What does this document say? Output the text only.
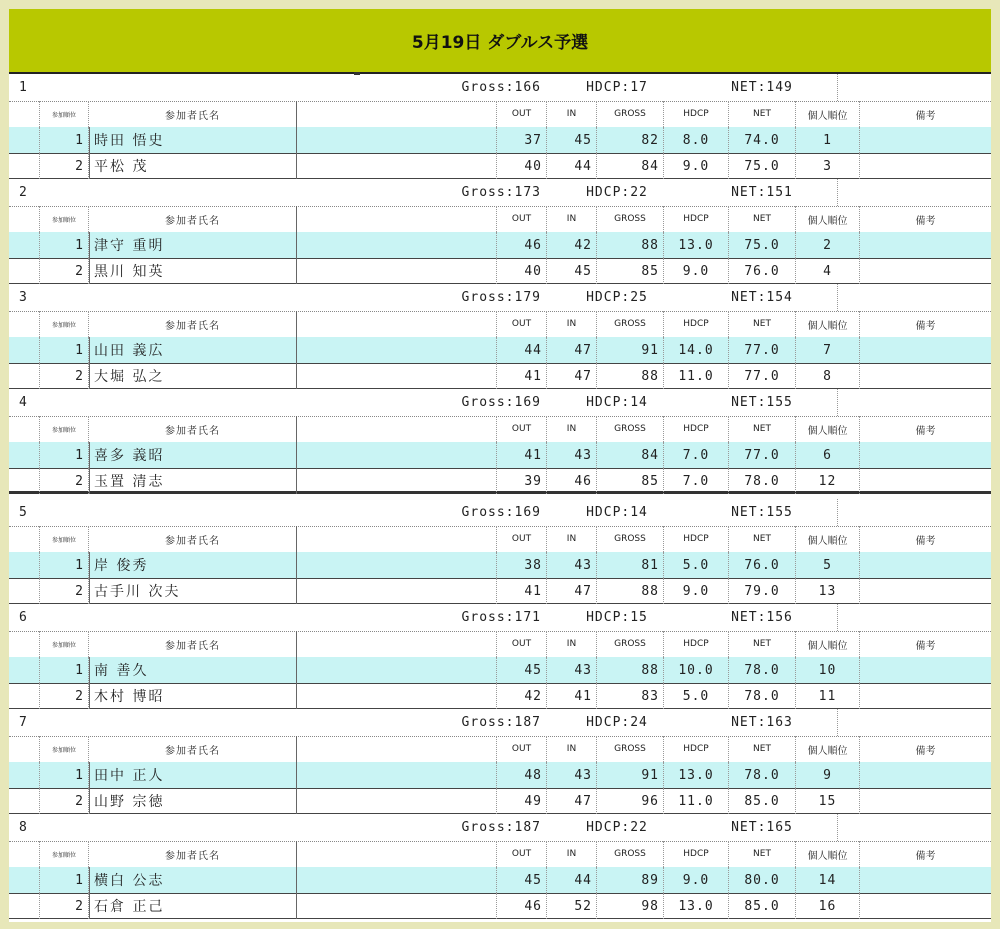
5月19日 ダブルス予選
1	Gross:166	HDCP:17	NET:149
参加順位	参加者氏名	OUT	IN	GROSS	HDCP	NET	個人順位	備考
1 時田 悟史	37	45	82	8.0	74.0	1
2 平松 茂	40	44	84	9.0	75.0	3
2	Gross:173	HDCP:22	NET:151
参加順位	参加者氏名	OUT	IN	GROSS	HDCP	NET	個人順位	備考
1 津守 重明	46	42	88	13.0	75.0	2
2 黒川 知英	40	45	85	9.0	76.0	4
3	Gross:179	HDCP:25	NET:154
参加順位	参加者氏名	OUT	IN	GROSS	HDCP	NET	個人順位	備考
1 山田 義広	44	47	91	14.0	77.0	7
2 大堀 弘之	41	47	88	11.0	77.0	8
4	Gross:169	HDCP:14	NET:155
参加順位	参加者氏名	OUT	IN	GROSS	HDCP	NET	個人順位	備考
1 喜多 義昭	41	43	84	7.0	77.0	6
2 玉置 清志	39	46	85	7.0	78.0	12
5	Gross:169	HDCP:14	NET:155
参加順位	参加者氏名	OUT	IN	GROSS	HDCP	NET	個人順位	備考
1 岸 俊秀	38	43	81	5.0	76.0	5
2 古手川 次夫	41	47	88	9.0	79.0	13
6	Gross:171	HDCP:15	NET:156
参加順位	参加者氏名	OUT	IN	GROSS	HDCP	NET	個人順位	備考
1 南 善久	45	43	88	10.0	78.0	10
2 木村 博昭	42	41	83	5.0	78.0	11
7	Gross:187	HDCP:24	NET:163
参加順位	参加者氏名	OUT	IN	GROSS	HDCP	NET	個人順位	備考
1 田中 正人	48	43	91	13.0	78.0	9
2 山野 宗徳	49	47	96	11.0	85.0	15
8	Gross:187	HDCP:22	NET:165
参加順位	参加者氏名	OUT	IN	GROSS	HDCP	NET	個人順位	備考
1 横白 公志	45	44	89	9.0	80.0	14
2 石倉 正己	46	52	98	13.0	85.0	16
